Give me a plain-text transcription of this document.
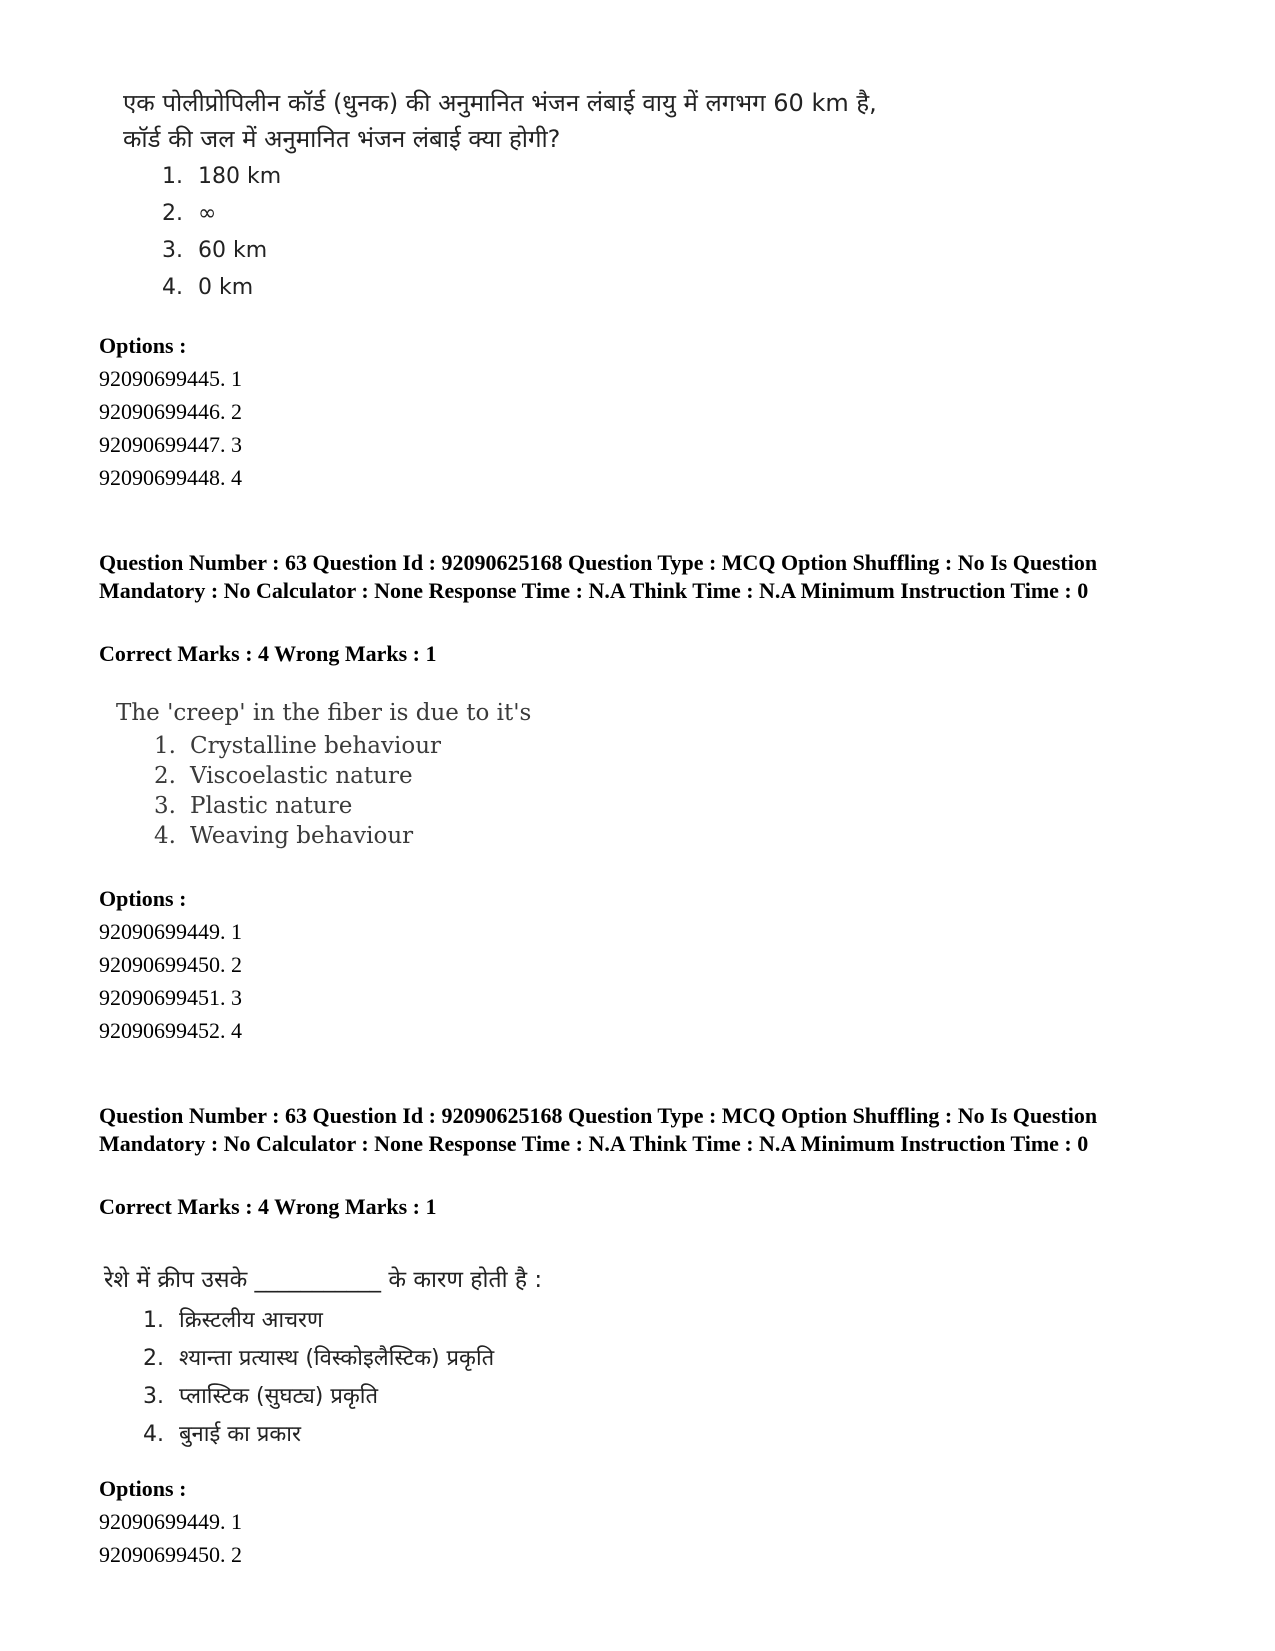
एक पोलीप्रोपिलीन कॉर्ड (धुनक) की अनुमानित भंजन लंबाई वायु में लगभग 60 km है,
कॉर्ड की जल में अनुमानित भंजन लंबाई क्या होगी?
1. 180 km
2. ∞
3. 60 km
4. 0 km
Options :
92090699445. 1
92090699446. 2
92090699447. 3
92090699448. 4
Question Number : 63 Question Id : 92090625168 Question Type : MCQ Option Shuffling : No Is Question Mandatory : No Calculator : None Response Time : N.A Think Time : N.A Minimum Instruction Time : 0
Correct Marks : 4 Wrong Marks : 1
The 'creep' in the fiber is due to it's
1. Crystalline behaviour
2. Viscoelastic nature
3. Plastic nature
4. Weaving behaviour
Options :
92090699449. 1
92090699450. 2
92090699451. 3
92090699452. 4
Question Number : 63 Question Id : 92090625168 Question Type : MCQ Option Shuffling : No Is Question Mandatory : No Calculator : None Response Time : N.A Think Time : N.A Minimum Instruction Time : 0
Correct Marks : 4 Wrong Marks : 1
रेशे में क्रीप उसके ___________ के कारण होती है :
1. क्रिस्टलीय आचरण
2. श्यान्ता प्रत्यास्थ (विस्कोइलैस्टिक) प्रकृति
3. प्लास्टिक (सुघट्य) प्रकृति
4. बुनाई का प्रकार
Options :
92090699449. 1
92090699450. 2
